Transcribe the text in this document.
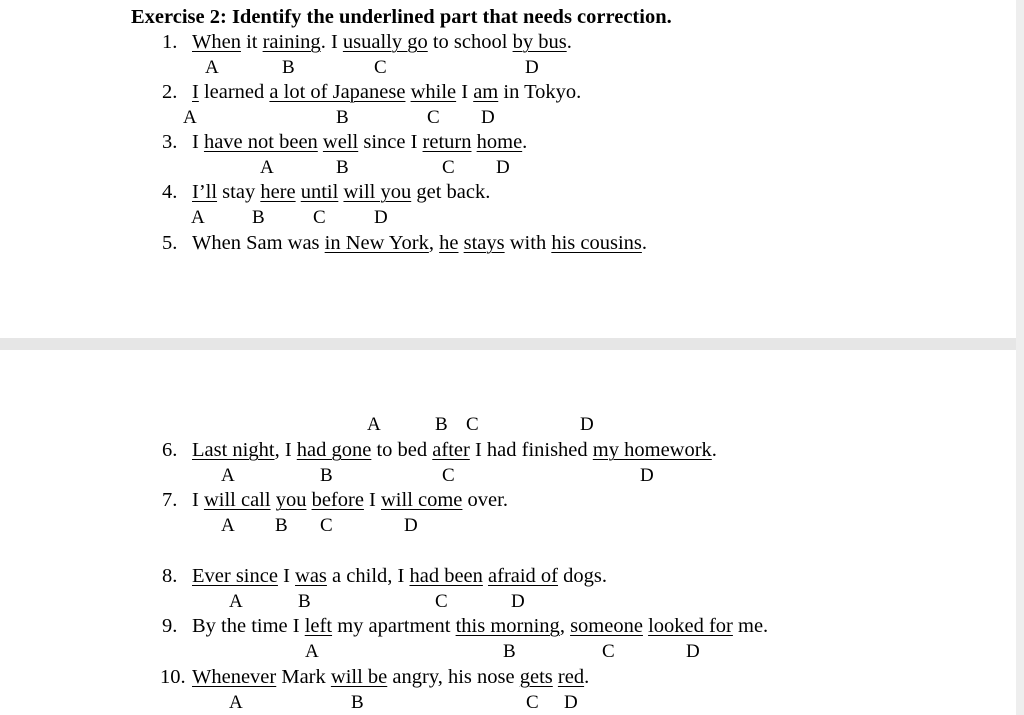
Exercise 2: Identify the underlined part that needs correction.
1. When it raining. I usually go to school by bus.
A	B	C	D
2. I learned a lot of Japanese while I am in Tokyo.
A	B	C D
3. I have not been well since I return home.
A	B	C D
4. I’ll stay here until will you get back.
A B	C	D
5. When Sam was in New York, he stays with his cousins.
A	B C	D
6. Last night, I had gone to bed after I had finished my homework.
A	B	C	D
7. I will call you before I will come over.
A B C	D
8. Ever since I was a child, I had been afraid of dogs.
A	B	C	D
9. By the time I left my apartment this morning, someone looked for me.
A	B	C	D
10. Whenever Mark will be angry, his nose gets red.
A	B	C D
